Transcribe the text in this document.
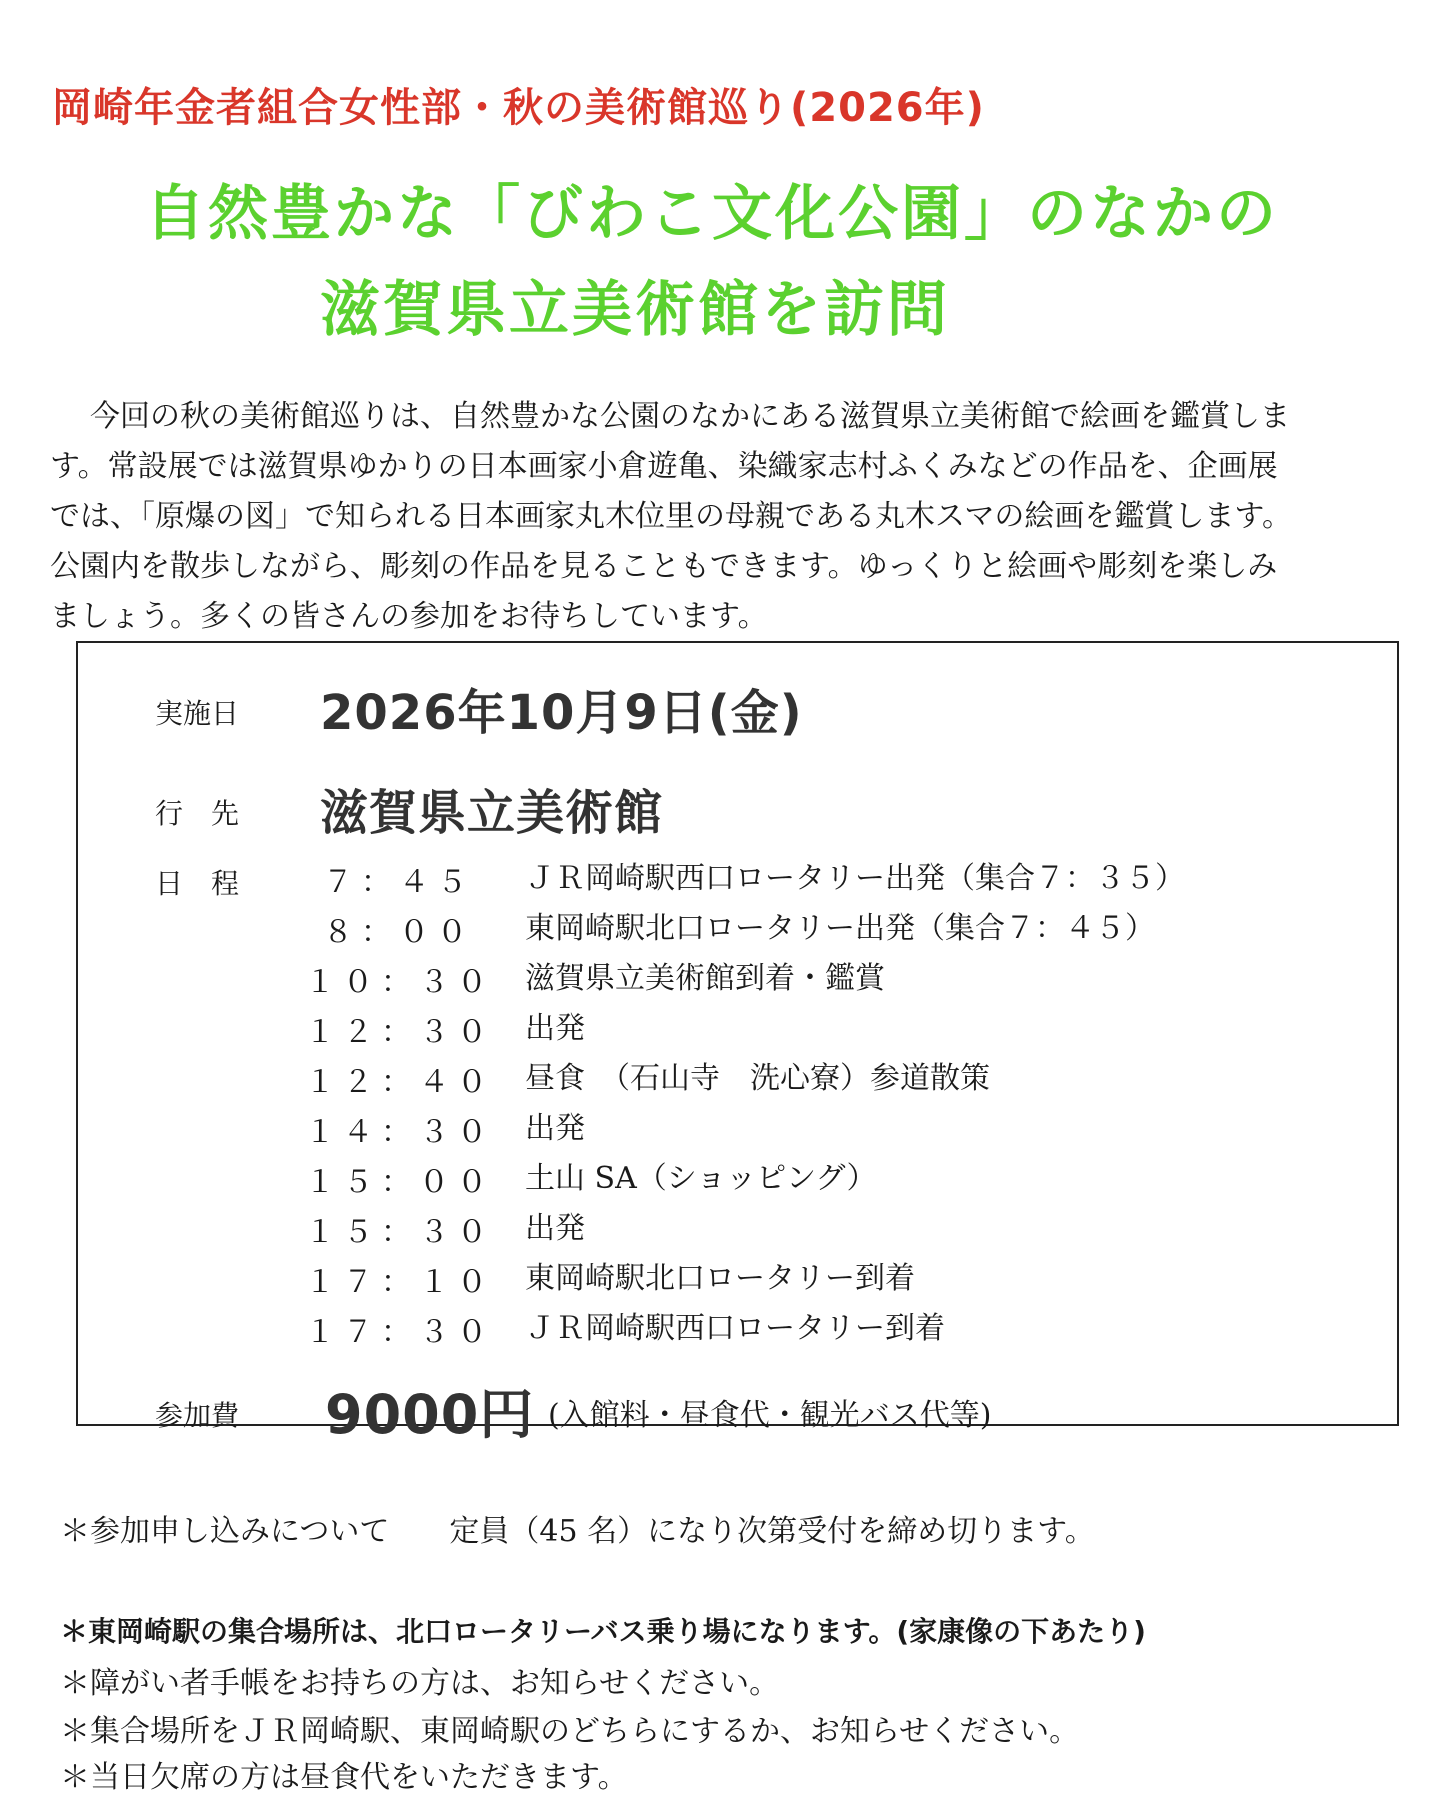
岡崎年金者組合女性部・秋の美術館巡り(2026年)
自然豊かな「びわこ文化公園」のなかの
滋賀県立美術館を訪問
今回の秋の美術館巡りは、自然豊かな公園のなかにある滋賀県立美術館で絵画を鑑賞しま
す。常設展では滋賀県ゆかりの日本画家小倉遊亀、染織家志村ふくみなどの作品を、企画展
では、「原爆の図」で知られる日本画家丸木位里の母親である丸木スマの絵画を鑑賞します。
公園内を散歩しながら、彫刻の作品を見ることもできます。ゆっくりと絵画や彫刻を楽しみ
ましょう。多くの皆さんの参加をお待ちしています。
実施日 2026年10月9日(金)
行　先 滋賀県立美術館
日　程	７：４５ ＪＲ岡崎駅西口ロータリー出発（集合７：３５）
８：００ 東岡崎駅北口ロータリー出発（集合７：４５）
１０：３０ 滋賀県立美術館到着・鑑賞
１２：３０ 出発
１２：４０ 昼食　（石山寺　洗心寮）参道散策
１４：３０ 出発
１５：００ 土山 SA（ショッピング）
１５：３０ 出発
１７：１０ 東岡崎駅北口ロータリー到着
１７：３０ ＪＲ岡崎駅西口ロータリー到着
参加費 9000円 (入館料・昼食代・観光バス代等)
＊参加申し込みについて　　定員（45 名）になり次第受付を締め切ります。
＊東岡崎駅の集合場所は、北口ロータリーバス乗り場になります。(家康像の下あたり)
＊障がい者手帳をお持ちの方は、お知らせください。
＊集合場所をＪＲ岡崎駅、東岡崎駅のどちらにするか、お知らせください。
＊当日欠席の方は昼食代をいただきます。
